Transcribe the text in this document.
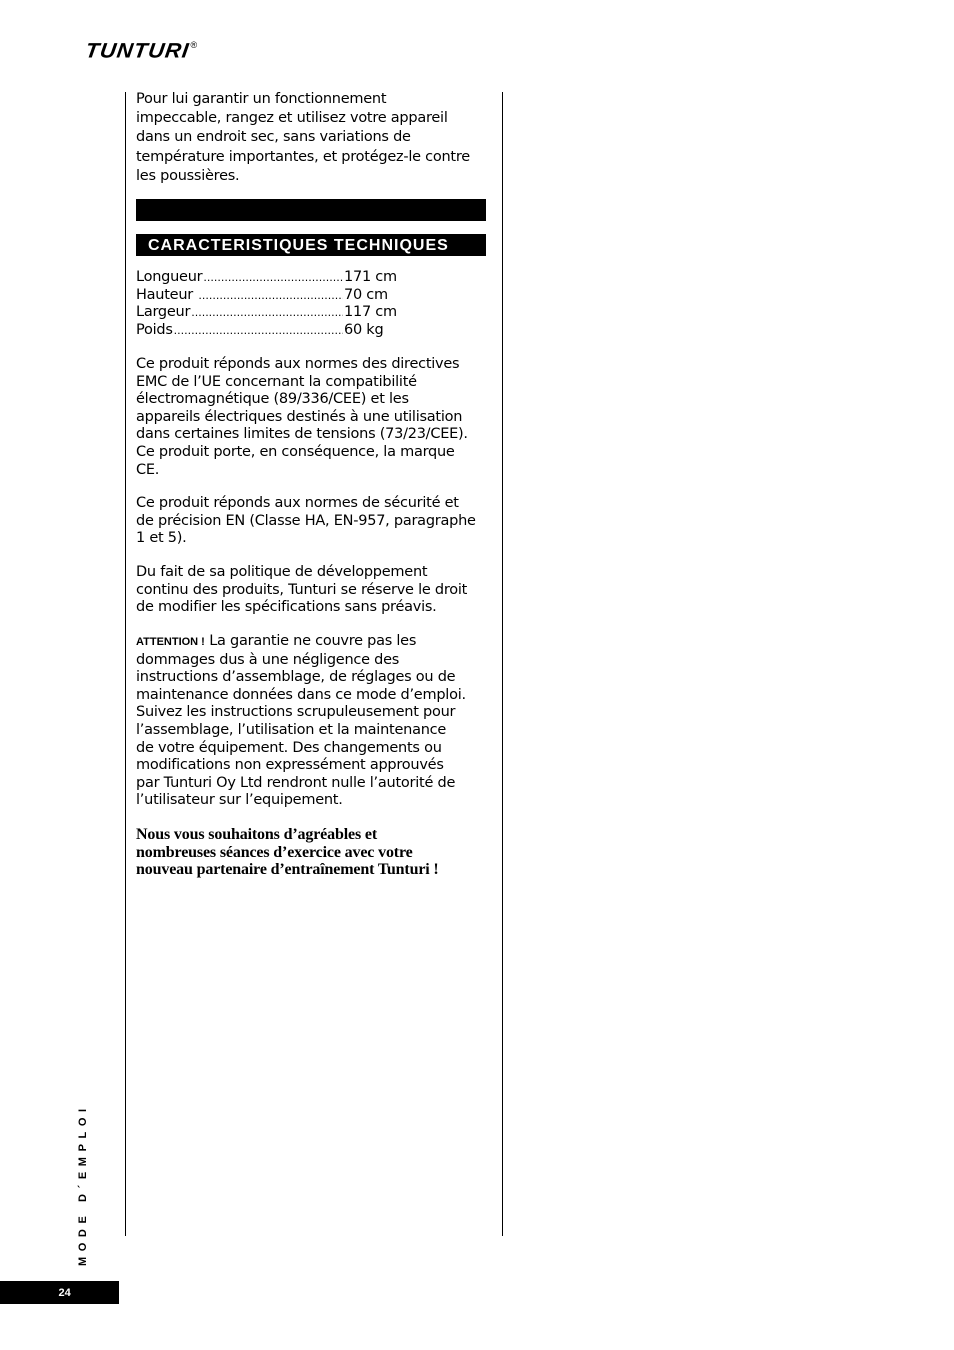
TUNTURI ®

Pour lui garantir un fonctionnement
impeccable, rangez et utilisez votre appareil
dans un endroit sec, sans variations de
température importantes, et protégez-le contre
les poussières.

CARACTERISTIQUES TECHNIQUES
Longueur .....	171 cm
Hauteur .....	70 cm
Largeur .....	117 cm
Poids .....	60 kg

Ce produit réponds aux normes des directives
EMC de l’UE concernant la compatibilité
électromagnétique (89/336/CEE) et les
appareils électriques destinés à une utilisation
dans certaines limites de tensions (73/23/CEE).
Ce produit porte, en conséquence, la marque
CE.

Ce produit réponds aux normes de sécurité et
de précision EN (Classe HA, EN-957, paragraphe
1 et 5).

Du fait de sa politique de développement
continu des produits, Tunturi se réserve le droit
de modifier les spécifications sans préavis.

ATTENTION ! La garantie ne couvre pas les
dommages dus à une négligence des
instructions d’assemblage, de réglages ou de
maintenance données dans ce mode d’emploi.
Suivez les instructions scrupuleusement pour
l’assemblage, l’utilisation et la maintenance
de votre équipement. Des changements ou
modifications non expressément approuvés
par Tunturi Oy Ltd rendront nulle l’autorité de
l’utilisateur sur l’equipement.

Nous vous souhaitons d’agréables et
nombreuses séances d’exercice avec votre
nouveau partenaire d’entraînement Tunturi !

MODE D´EMPLOI
24
